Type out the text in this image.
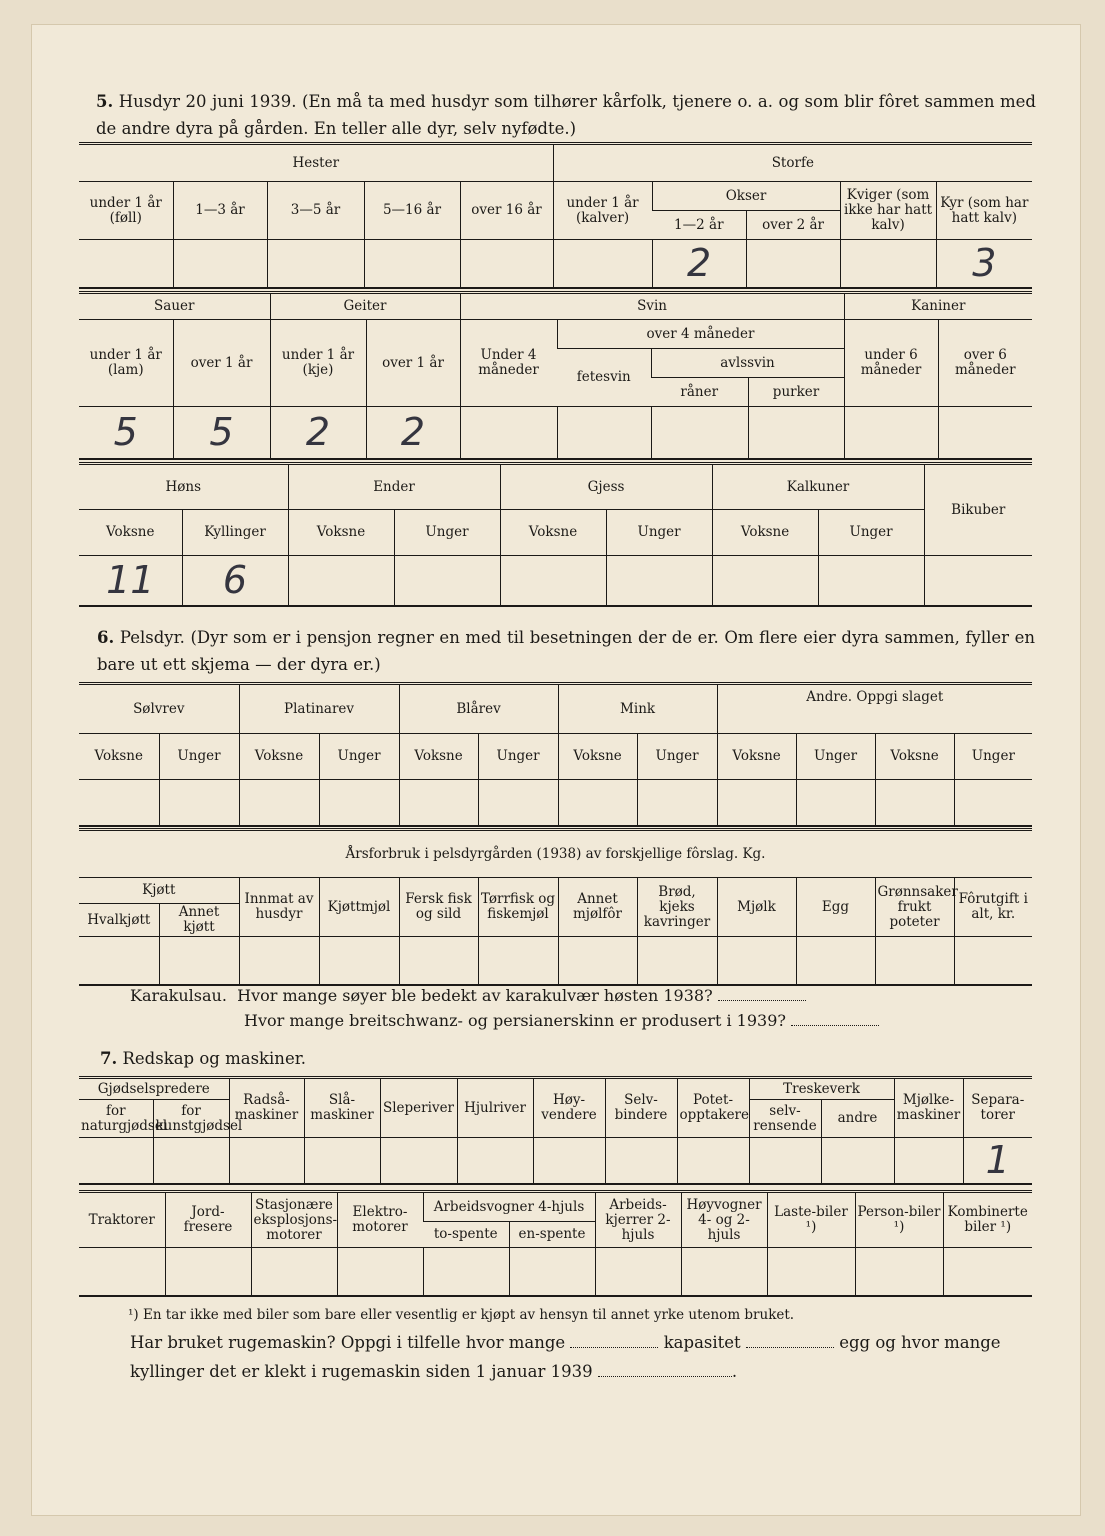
5. Husdyr 20 juni 1939. (En må ta med husdyr som tilhører kårfolk, tjenere o. a. og som blir fôret sammen med de andre dyra på gården. En teller alle dyr, selv nyfødte.)
Hester					Storfe				
under 1 år (føll)	1—3 år	3—5 år	5—16 år	over 16 år	under 1 år (kalver)	Okser		Kviger (som ikke har hatt kalv)	Kyr (som har hatt kalv)
						1—2 år	over 2 år		
						2			3
Sauer		Geiter		Svin				Kaniner	
under 1 år (lam)	over 1 år	under 1 år (kje)	over 1 år	Under 4 måneder	over 4 måneder			under 6 måneder	over 6 måneder
					fetesvin	avlssvin			
						råner	purker		
5	5	2	2						
Høns		Ender		Gjess		Kalkuner		Bikuber
Voksne	Kyllinger	Voksne	Unger	Voksne	Unger	Voksne	Unger	
11	6							
6. Pelsdyr. (Dyr som er i pensjon regner en med til besetningen der de er. Om flere eier dyra sammen, fyller en bare ut ett skjema — der dyra er.)
Sølvrev		Platinarev		Blårev		Mink		Andre. Oppgi slaget			
Voksne	Unger	Voksne	Unger	Voksne	Unger	Voksne	Unger	Voksne	Unger	Voksne	Unger

Årsforbruk i pelsdyrgården (1938) av forskjellige fôrslag. Kg.											
Kjøtt		Innmat av husdyr	Kjøttmjøl	Fersk fisk og sild	Tørrfisk og fiskemjøl	Annet mjølfôr	Brød, kjeks kavringer	Mjølk	Egg	Grønnsaker frukt poteter	Fôrutgift i alt, kr.
Hvalkjøtt	Annet kjøtt										

Karakulsau. Hvor mange søyer ble bedekt av karakulvær høsten 1938?
Hvor mange breitschwanz- og persianerskinn er produsert i 1939?
7. Redskap og maskiner.
Gjødselspredere		Radså-maskiner	Slå-maskiner	Sleperiver	Hjulriver	Høy-vendere	Selv-bindere	Potet-opptakere	Treskeverk		Mjølke-maskiner	Separa-torer
for naturgjødsel	for kunstgjødsel								selv-rensende	andre		
												1
Traktorer	Jord-freserе	Stasjonære eksplosjons-motorer	Elektro-motorer	Arbeidsvogner 4-hjuls		Arbeids-kjerrer 2-hjuls	Høyvogner 4- og 2-hjuls	Laste-biler ¹)	Person-biler ¹)	Kombinerte biler ¹)
				to-spente	en-spente					

¹) En tar ikke med biler som bare eller vesentlig er kjøpt av hensyn til annet yrke utenom bruket.
Har bruket rugemaskin? Oppgi i tilfelle hvor mange	kapasitet	egg og hvor mange
kyllinger det er klekt i rugemaskin siden 1 januar 1939	.
